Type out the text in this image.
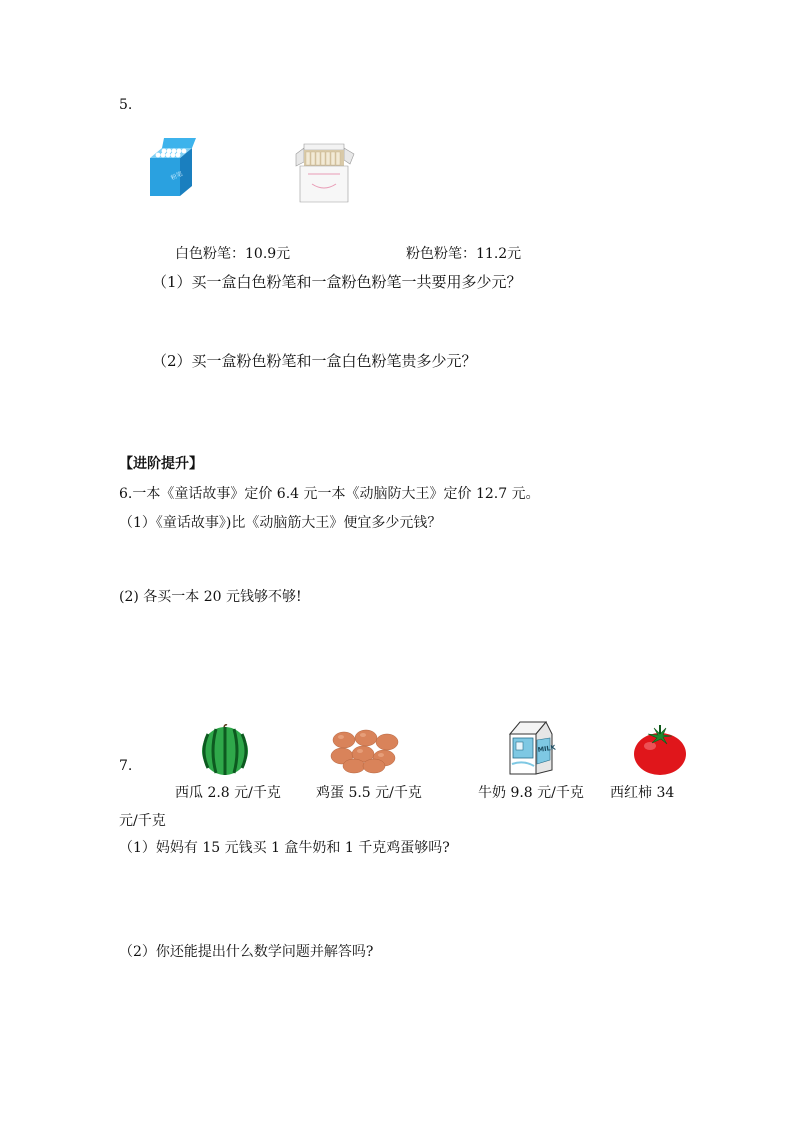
5.
粉笔
白色粉笔：10.9元	粉色粉笔：11.2元
（1）买一盒白色粉笔和一盒粉色粉笔一共要用多少元？
（2）买一盒粉色粉笔和一盒白色粉笔贵多少元？
【进阶提升】
6.一本《童话故事》定价 6.4 元一本《动脑防大王》定价 12.7 元。
（1）《童话故事》)比《动脑筋大王》便宜多少元钱？
(2) 各买一本 20 元钱够不够!
7.
西瓜 2.8 元/千克	鸡蛋 5.5 元/千克
MILK
牛奶 9.8 元/千克 西红柿 34
元/千克
（1）妈妈有 15 元钱买 1 盒牛奶和 1 千克鸡蛋够吗?
（2）你还能提出什么数学问题并解答吗?
